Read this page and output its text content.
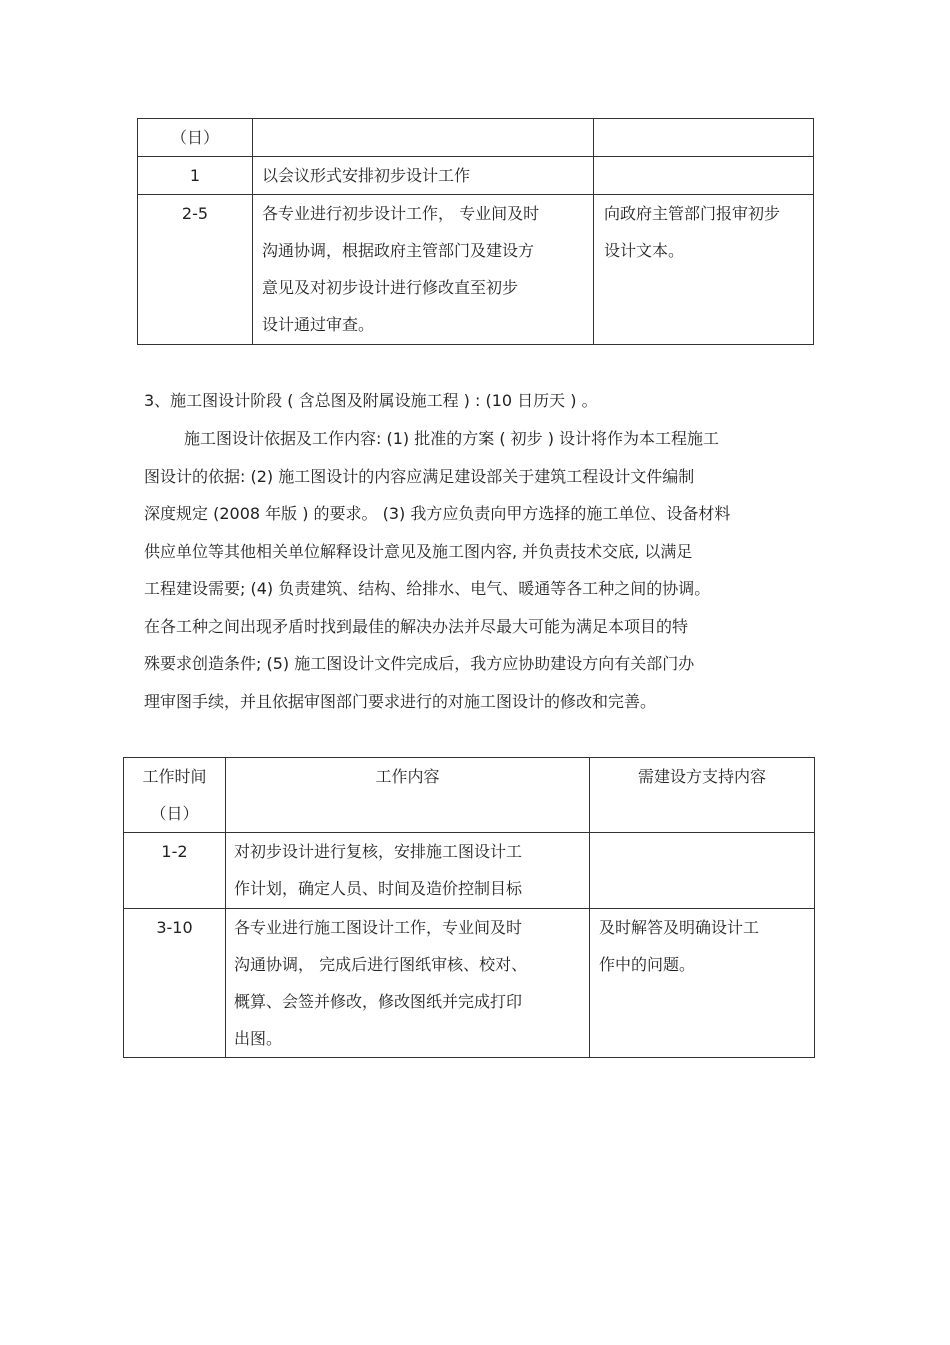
（日）		

1	以会议形式安排初步设计工作	

2-5	各专业进行初步设计工作， 专业间及时
沟通协调，根据政府主管部门及建设方
意见及对初步设计进行修改直至初步
设计通过审查。	向政府主管部门报审初步
设计文本。
3、施工图设计阶段 ( 含总图及附属设施工程 ) : (10 日历天 ) 。
施工图设计依据及工作内容: (1) 批准的方案 ( 初步 ) 设计将作为本工程施工
图设计的依据: (2) 施工图设计的内容应满足建设部关于建筑工程设计文件编制
深度规定 (2008 年版 ) 的要求。 (3) 我方应负责向甲方选择的施工单位、设备材料
供应单位等其他相关单位解释设计意见及施工图内容, 并负责技术交底, 以满足
工程建设需要; (4) 负责建筑、结构、给排水、电气、暖通等各工种之间的协调。
在各工种之间出现矛盾时找到最佳的解决办法并尽最大可能为满足本项目的特
殊要求创造条件; (5) 施工图设计文件完成后，我方应协助建设方向有关部门办
理审图手续，并且依据审图部门要求进行的对施工图设计的修改和完善。
工作时间
（日）	工作内容	需建设方支持内容

1-2	对初步设计进行复核，安排施工图设计工
作计划，确定人员、时间及造价控制目标	

3-10	各专业进行施工图设计工作，专业间及时
沟通协调， 完成后进行图纸审核、校对、
概算、会签并修改，修改图纸并完成打印
出图。	及时解答及明确设计工
作中的问题。
